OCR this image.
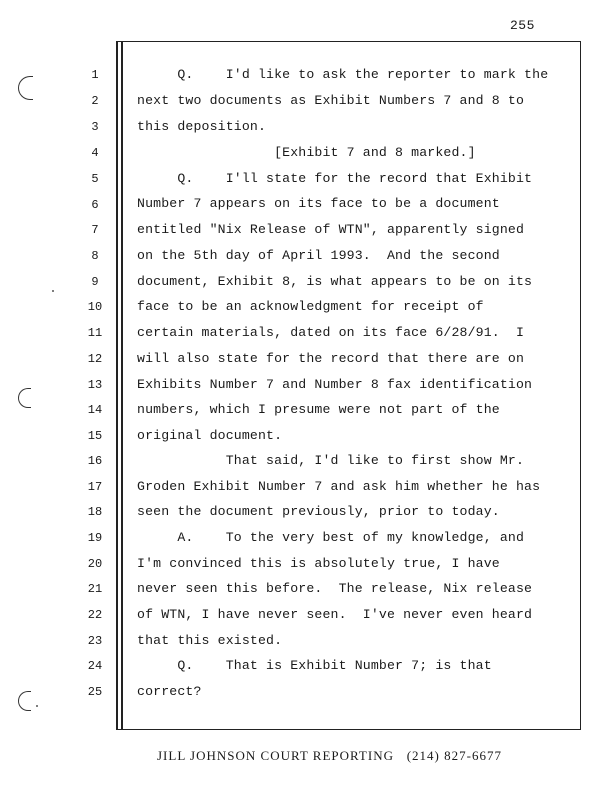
255
1
2
3
4
5
6
7
8
9
10
11
12
13
14
15
16
17
18
19
20
21
22
23
24
25
Q.    I'd like to ask the reporter to mark the
next two documents as Exhibit Numbers 7 and 8 to
this deposition.
[Exhibit 7 and 8 marked.]
Q.    I'll state for the record that Exhibit
Number 7 appears on its face to be a document
entitled "Nix Release of WTN", apparently signed
on the 5th day of April 1993.  And the second
document, Exhibit 8, is what appears to be on its
face to be an acknowledgment for receipt of
certain materials, dated on its face 6/28/91.  I
will also state for the record that there are on
Exhibits Number 7 and Number 8 fax identification
numbers, which I presume were not part of the
original document.
That said, I'd like to first show Mr.
Groden Exhibit Number 7 and ask him whether he has
seen the document previously, prior to today.
A.    To the very best of my knowledge, and
I'm convinced this is absolutely true, I have
never seen this before.  The release, Nix release
of WTN, I have never seen.  I've never even heard
that this existed.
Q.    That is Exhibit Number 7; is that
correct?
JILL JOHNSON COURT REPORTING   (214) 827-6677
